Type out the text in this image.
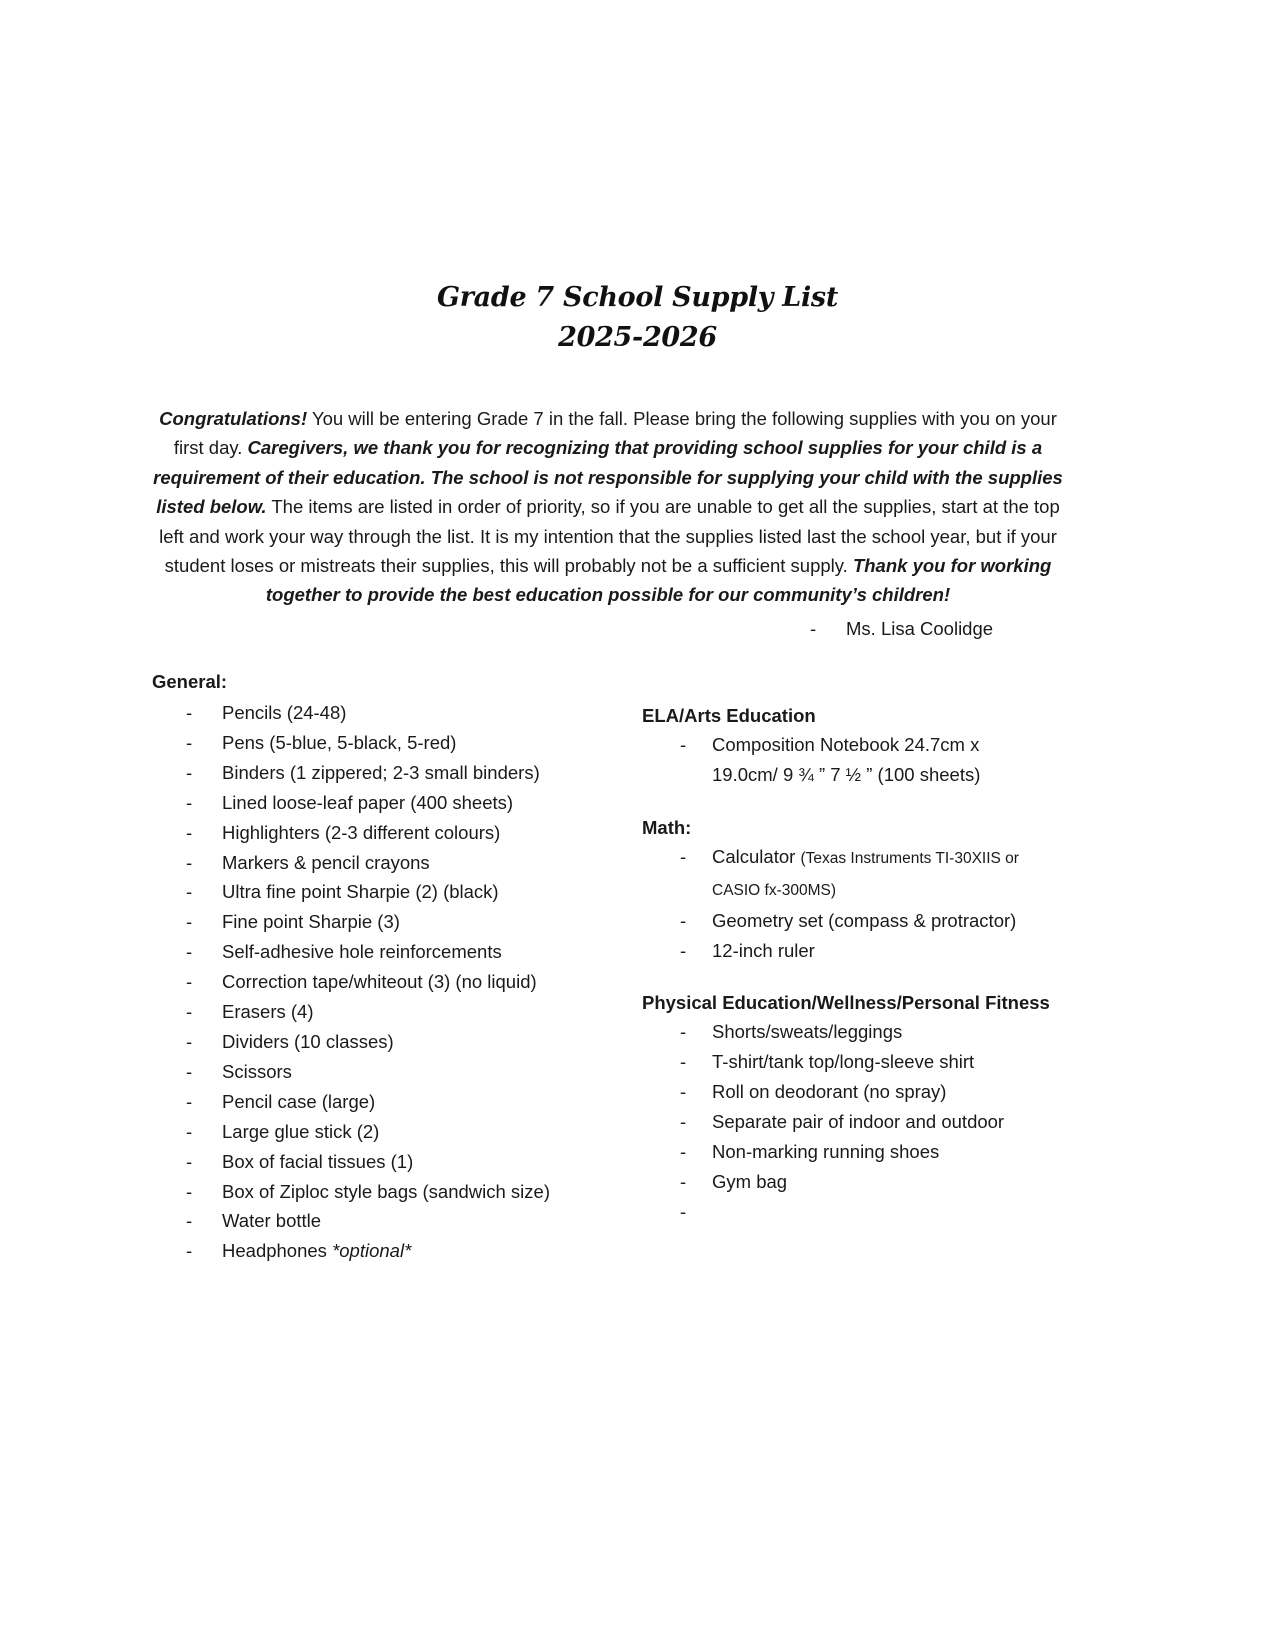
Grade 7 School Supply List
2025-2026
Congratulations! You will be entering Grade 7 in the fall. Please bring the following supplies with you on your first day. Caregivers, we thank you for recognizing that providing school supplies for your child is a requirement of their education. The school is not responsible for supplying your child with the supplies listed below. The items are listed in order of priority, so if you are unable to get all the supplies, start at the top left and work your way through the list. It is my intention that the supplies listed last the school year, but if your student loses or mistreats their supplies, this will probably not be a sufficient supply. Thank you for working together to provide the best education possible for our community’s children!
- Ms. Lisa Coolidge

General:

- Pencils (24-48)
- Pens (5-blue, 5-black, 5-red)
- Binders (1 zippered; 2-3 small binders)
- Lined loose-leaf paper (400 sheets)
- Highlighters (2-3 different colours)
- Markers & pencil crayons
- Ultra fine point Sharpie (2) (black)
- Fine point Sharpie (3)
- Self-adhesive hole reinforcements
- Correction tape/whiteout (3) (no liquid)
- Erasers (4)
- Dividers (10 classes)
- Scissors
- Pencil case (large)
- Large glue stick (2)
- Box of facial tissues (1)
- Box of Ziploc style bags (sandwich size)
- Water bottle
- Headphones *optional*

ELA/Arts Education

- Composition Notebook 24.7cm x 19.0cm/ 9 ¾ ” 7 ½ ” (100 sheets)

Math:

- Calculator (Texas Instruments TI-30XIIS or CASIO fx-300MS)
- Geometry set (compass & protractor)
- 12-inch ruler

Physical Education/Wellness/Personal Fitness

- Shorts/sweats/leggings
- T-shirt/tank top/long-sleeve shirt
- Roll on deodorant (no spray)
- Separate pair of indoor and outdoor
- Non-marking running shoes
- Gym bag
-
